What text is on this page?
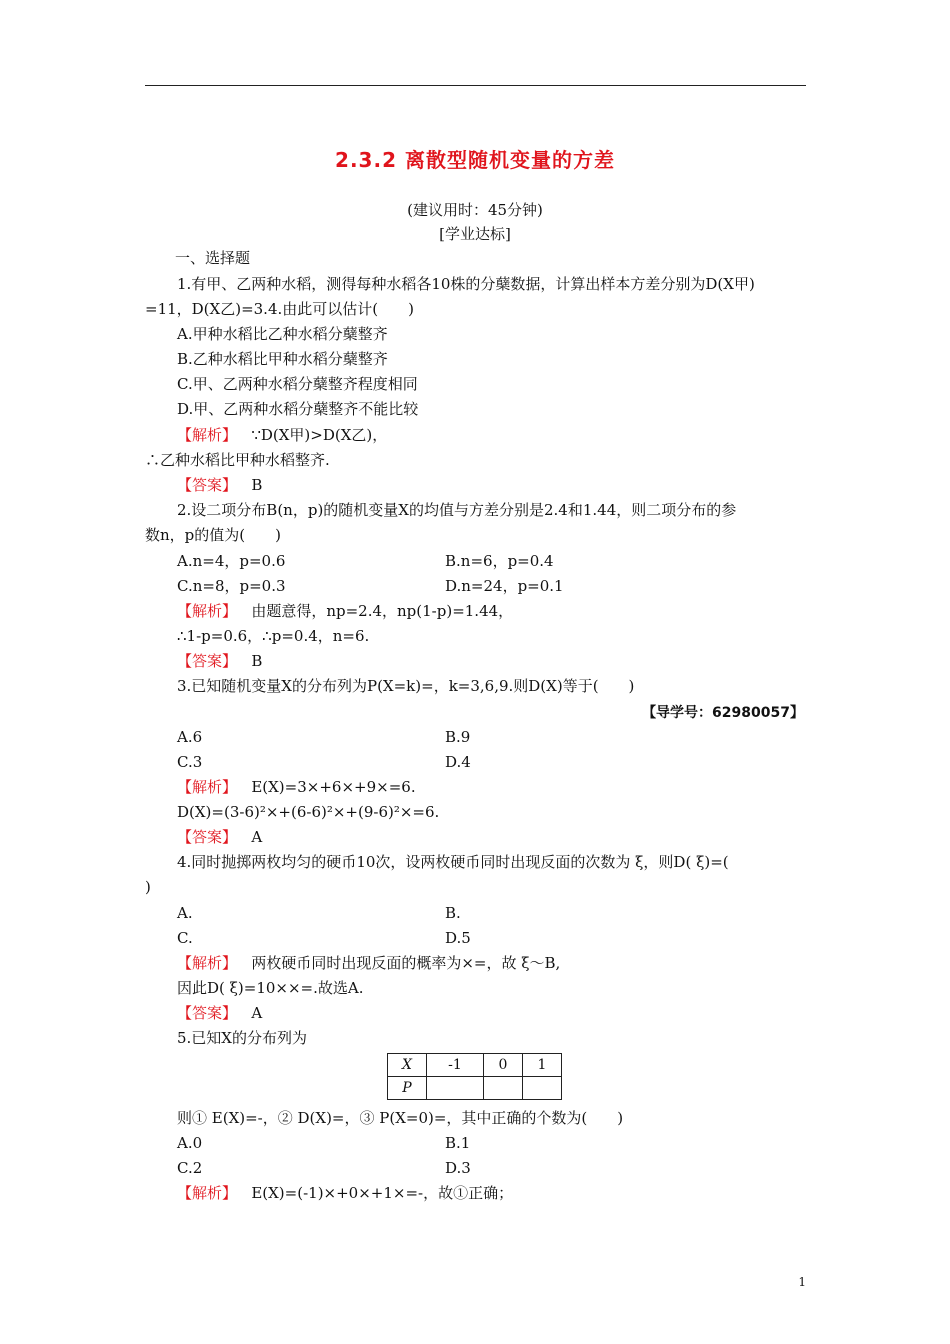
2.3.2 离散型随机变量的方差
(建议用时：45分钟)
[学业达标]
一、选择题
1.有甲、乙两种水稻，测得每种水稻各10株的分蘖数据，计算出样本方差分别为D(X甲)
=11，D(X乙)=3.4.由此可以估计(　　)
A.甲种水稻比乙种水稻分蘖整齐
B.乙种水稻比甲种水稻分蘖整齐
C.甲、乙两种水稻分蘖整齐程度相同
D.甲、乙两种水稻分蘖整齐不能比较
【解析】 ∵D(X甲)>D(X乙)，
∴乙种水稻比甲种水稻整齐.
【答案】 B
2.设二项分布B(n，p)的随机变量X的均值与方差分别是2.4和1.44，则二项分布的参
数n，p的值为(　　)
A.n=4，p=0.6	B.n=6，p=0.4
C.n=8，p=0.3	D.n=24，p=0.1
【解析】 由题意得，np=2.4，np(1-p)=1.44，
∴1-p=0.6，∴p=0.4，n=6.
【答案】 B
3.已知随机变量X的分布列为P(X=k)=，k=3,6,9.则D(X)等于(　　)
【导学号：62980057】
A.6	B.9
C.3	D.4
【解析】 E(X)=3×+6×+9×=6.
D(X)=(3-6)²×+(6-6)²×+(9-6)²×=6.
【答案】 A
4.同时抛掷两枚均匀的硬币10次，设两枚硬币同时出现反面的次数为 ξ，则D( ξ)=(
)
A.	B.
C.	D.5
【解析】 两枚硬币同时出现反面的概率为×=，故 ξ～B,
因此D( ξ)=10××=.故选A.
【答案】 A
5.已知X的分布列为
X	-1	0	1
P			
则① E(X)=-，② D(X)=，③ P(X=0)=，其中正确的个数为(　　)
A.0	B.1
C.2	D.3
【解析】 E(X)=(-1)×+0×+1×=-，故①正确；
1
